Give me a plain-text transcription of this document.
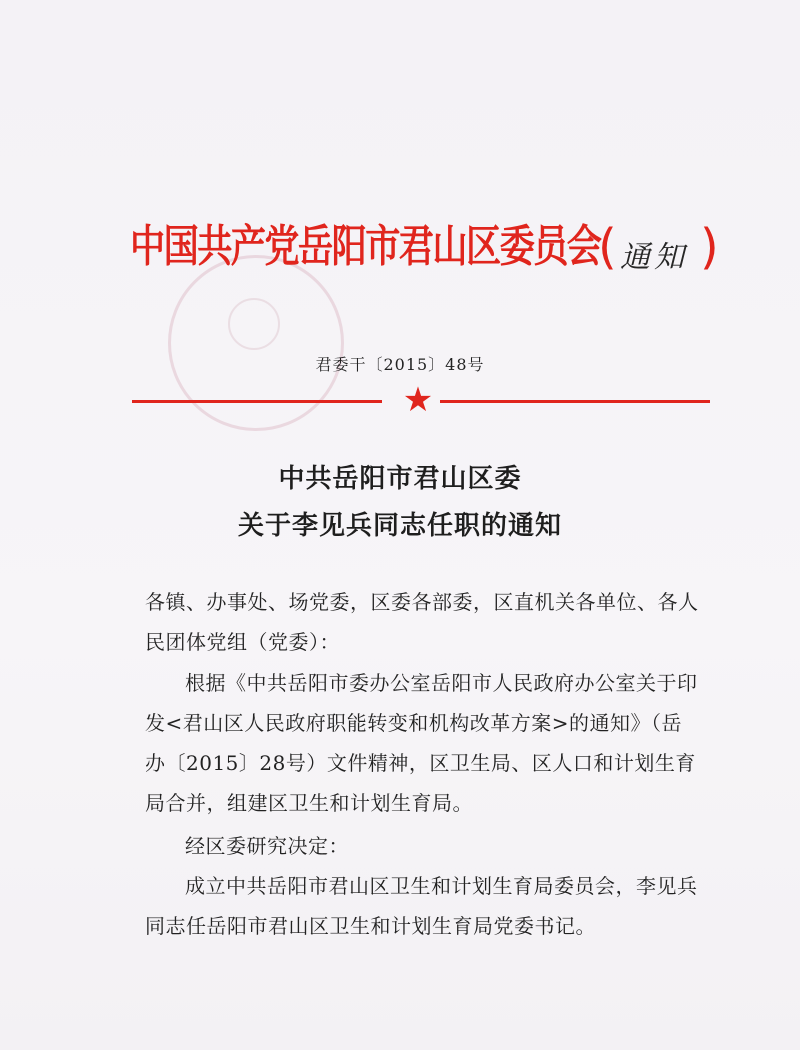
中国共产党岳阳市君山区委员会
( 通知 )
君委干〔2015〕48号
★
中共岳阳市君山区委
关于李见兵同志任职的通知
各镇、办事处、场党委，区委各部委，区直机关各单位、各人民团体党组（党委）：
根据《中共岳阳市委办公室岳阳市人民政府办公室关于印发<君山区人民政府职能转变和机构改革方案>的通知》（岳办〔2015〕28号）文件精神，区卫生局、区人口和计划生育局合并，组建区卫生和计划生育局。
经区委研究决定：
成立中共岳阳市君山区卫生和计划生育局委员会，李见兵同志任岳阳市君山区卫生和计划生育局党委书记。
